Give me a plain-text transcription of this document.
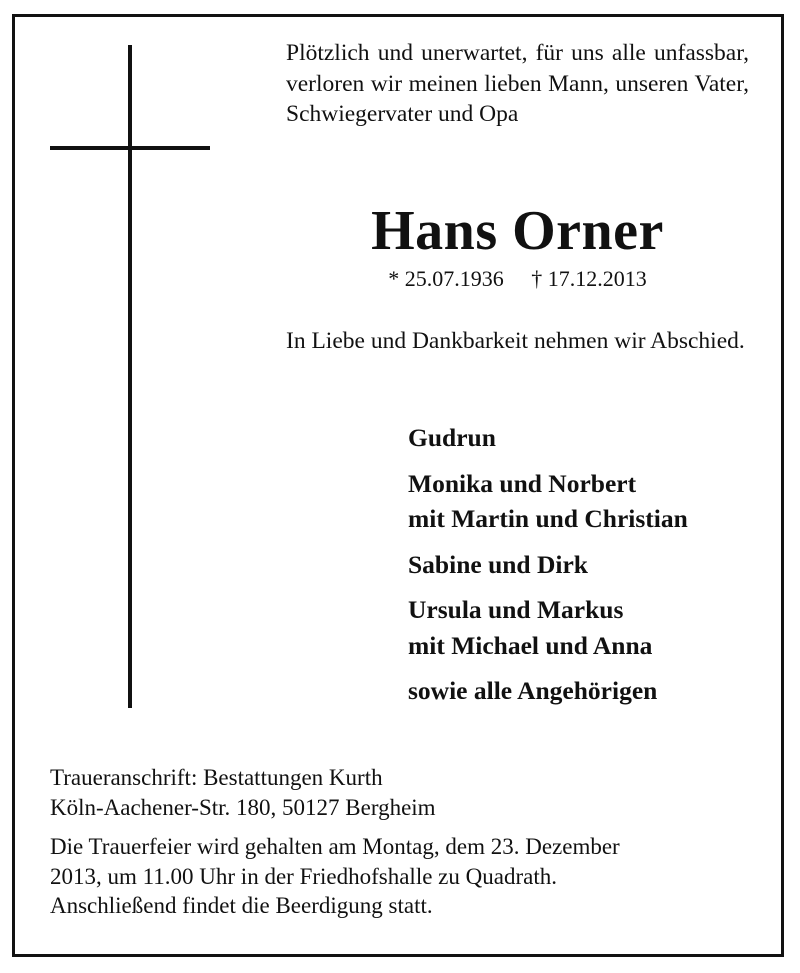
Plötzlich und unerwartet, für uns alle unfassbar, verloren wir meinen lieben Mann, unseren Vater, Schwiegervater und Opa

Hans Orner

* 25.07.1936 † 17.12.2013

In Liebe und Dankbarkeit nehmen wir Abschied.

Gudrun
Monika und Norbert
mit Martin und Christian
Sabine und Dirk
Ursula und Markus
mit Michael und Anna
sowie alle Angehörigen

Traueranschrift: Bestattungen Kurth
Köln-Aachener-Str. 180, 50127 Bergheim

Die Trauerfeier wird gehalten am Montag, dem 23. Dezember
2013, um 11.00 Uhr in der Friedhofshalle zu Quadrath.
Anschließend findet die Beerdigung statt.
